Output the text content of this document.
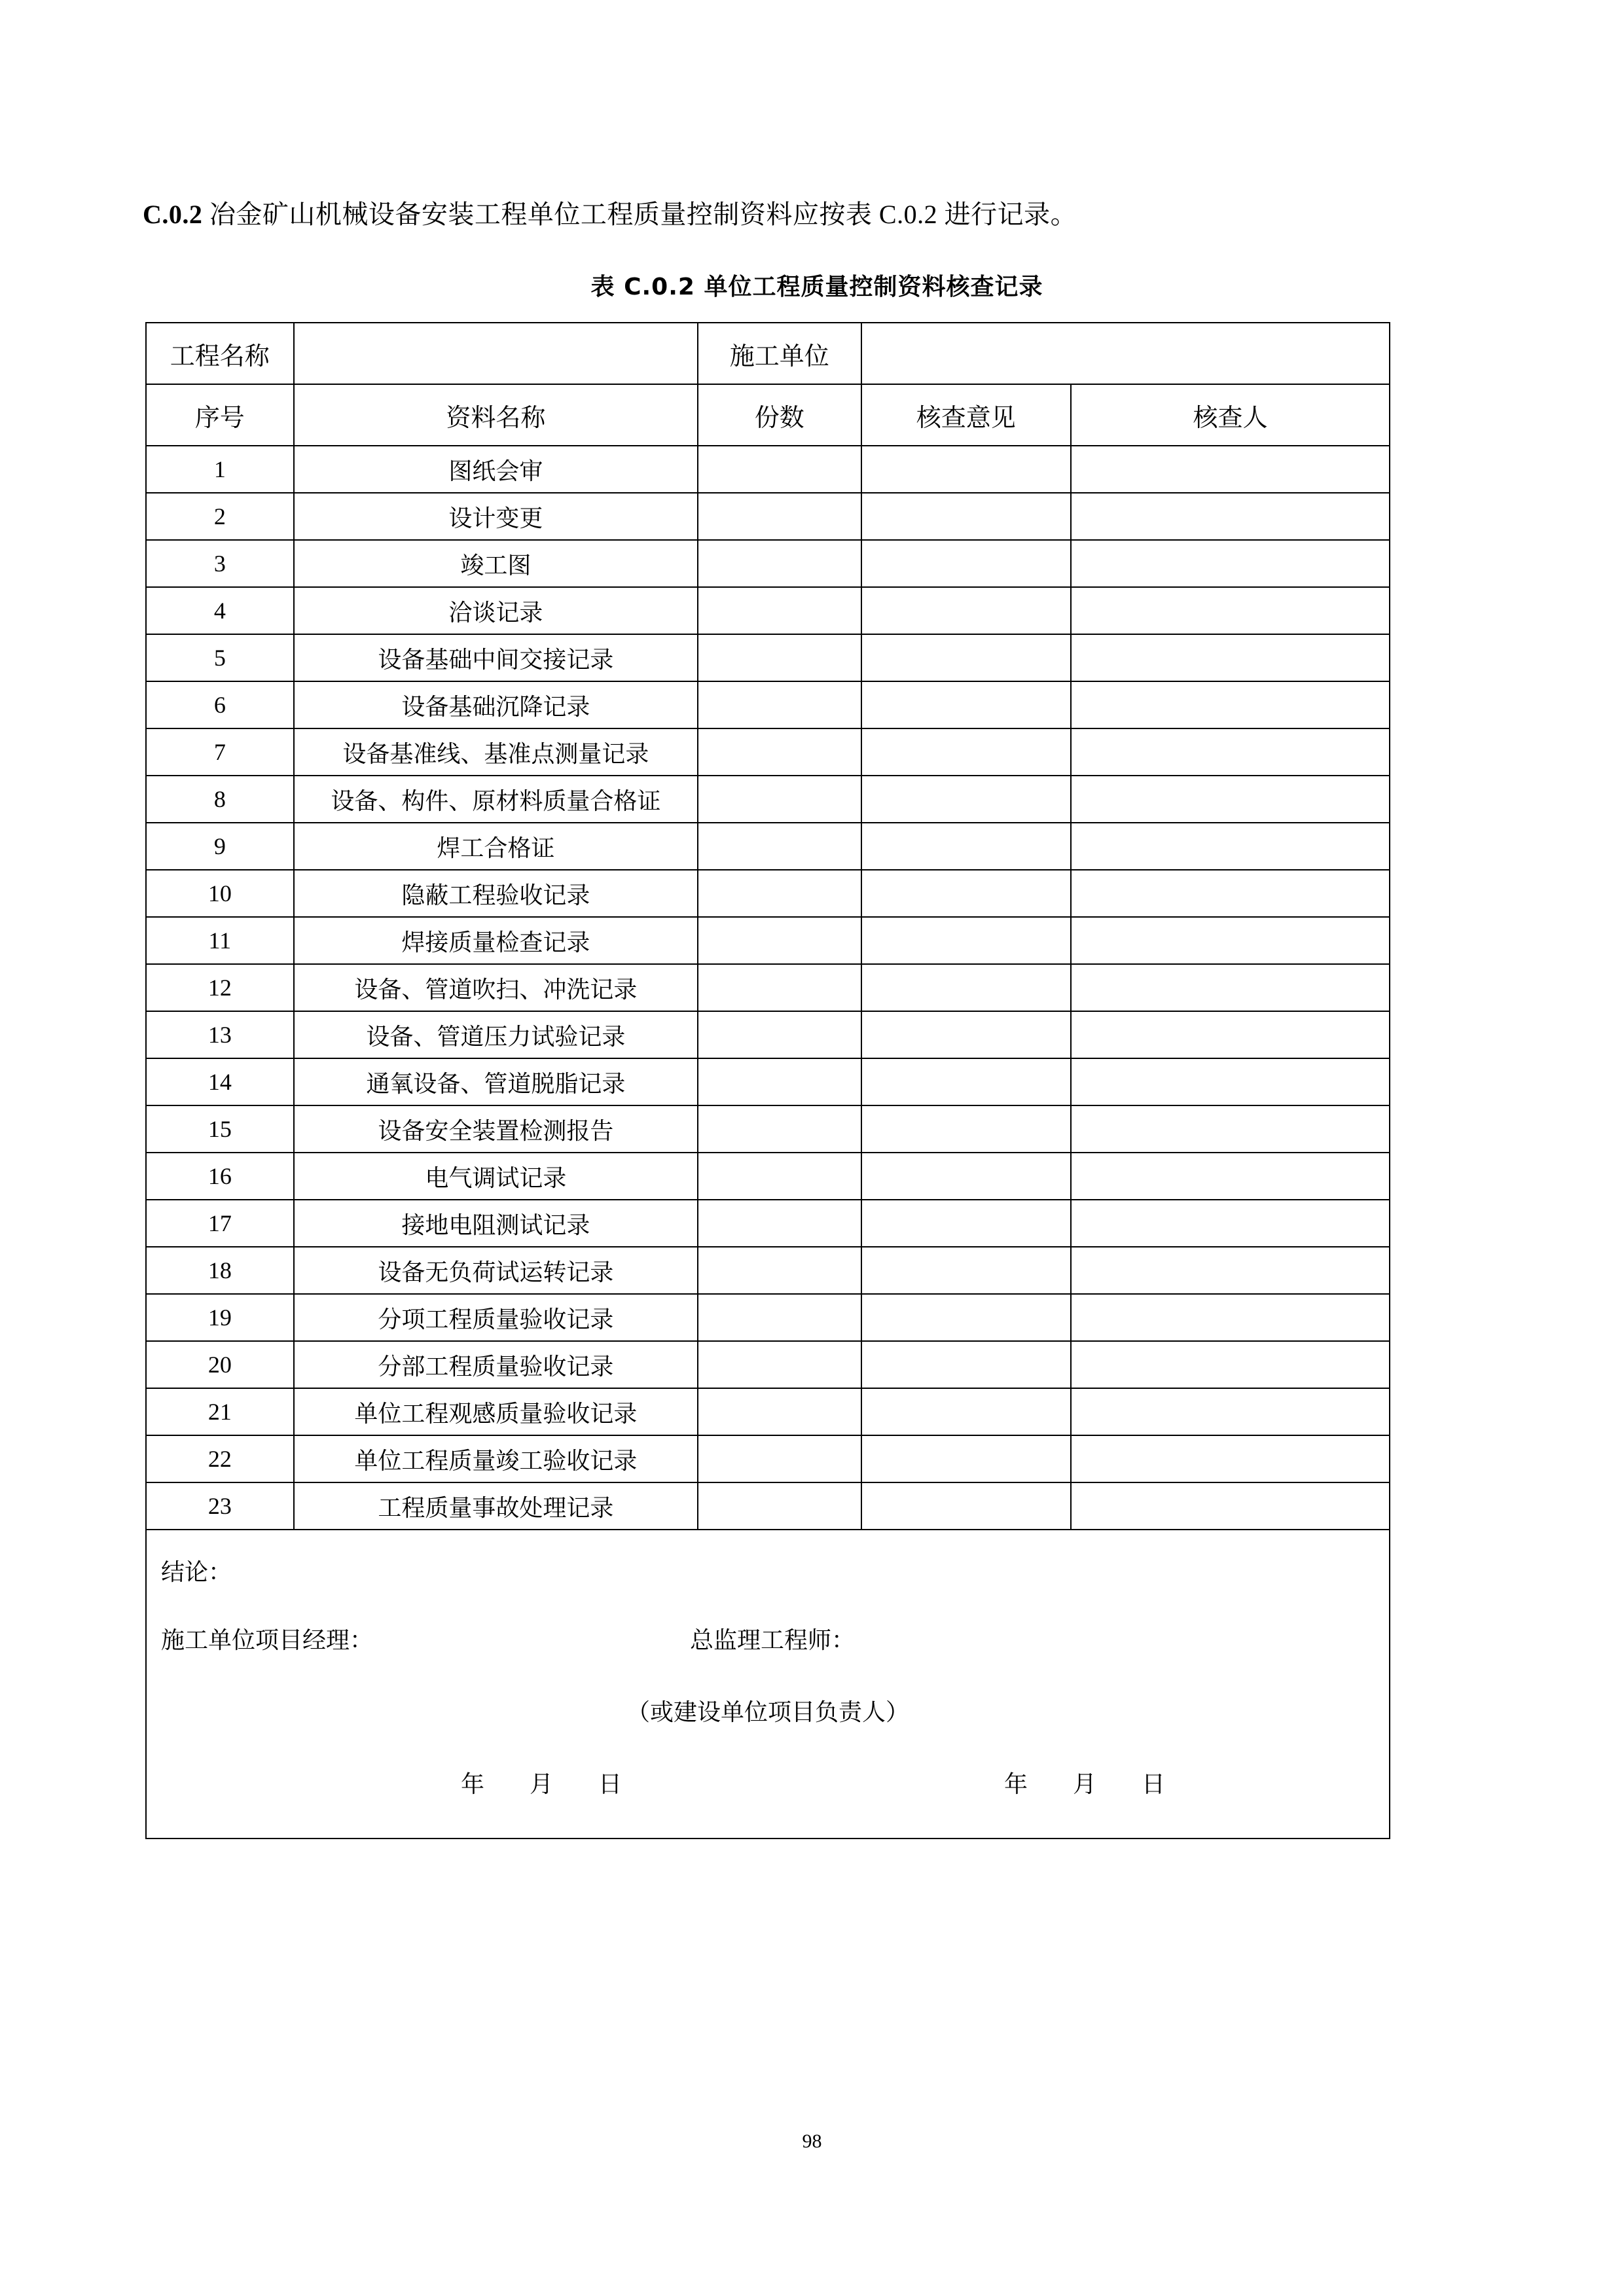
C.0.2 冶金矿山机械设备安装工程单位工程质量控制资料应按表 C.0.2 进行记录。
表 C.0.2 单位工程质量控制资料核查记录
工程名称		施工单位		
序号	资料名称	份数	核查意见	核查人
1	图纸会审			
2	设计变更			
3	竣工图			
4	洽谈记录			
5	设备基础中间交接记录			
6	设备基础沉降记录			
7	设备基准线、基准点测量记录			
8	设备、构件、原材料质量合格证			
9	焊工合格证			
10	隐蔽工程验收记录			
11	焊接质量检查记录			
12	设备、管道吹扫、冲洗记录			
13	设备、管道压力试验记录			
14	通氧设备、管道脱脂记录			
15	设备安全装置检测报告			
16	电气调试记录			
17	接地电阻测试记录			
18	设备无负荷试运转记录			
19	分项工程质量验收记录			
20	分部工程质量验收记录			
21	单位工程观感质量验收记录			
22	单位工程质量竣工验收记录			
23	工程质量事故处理记录			

结论：
施工单位项目经理：	总监理工程师：
（或建设单位项目负责人）
年 月 日	年 月 日
98
